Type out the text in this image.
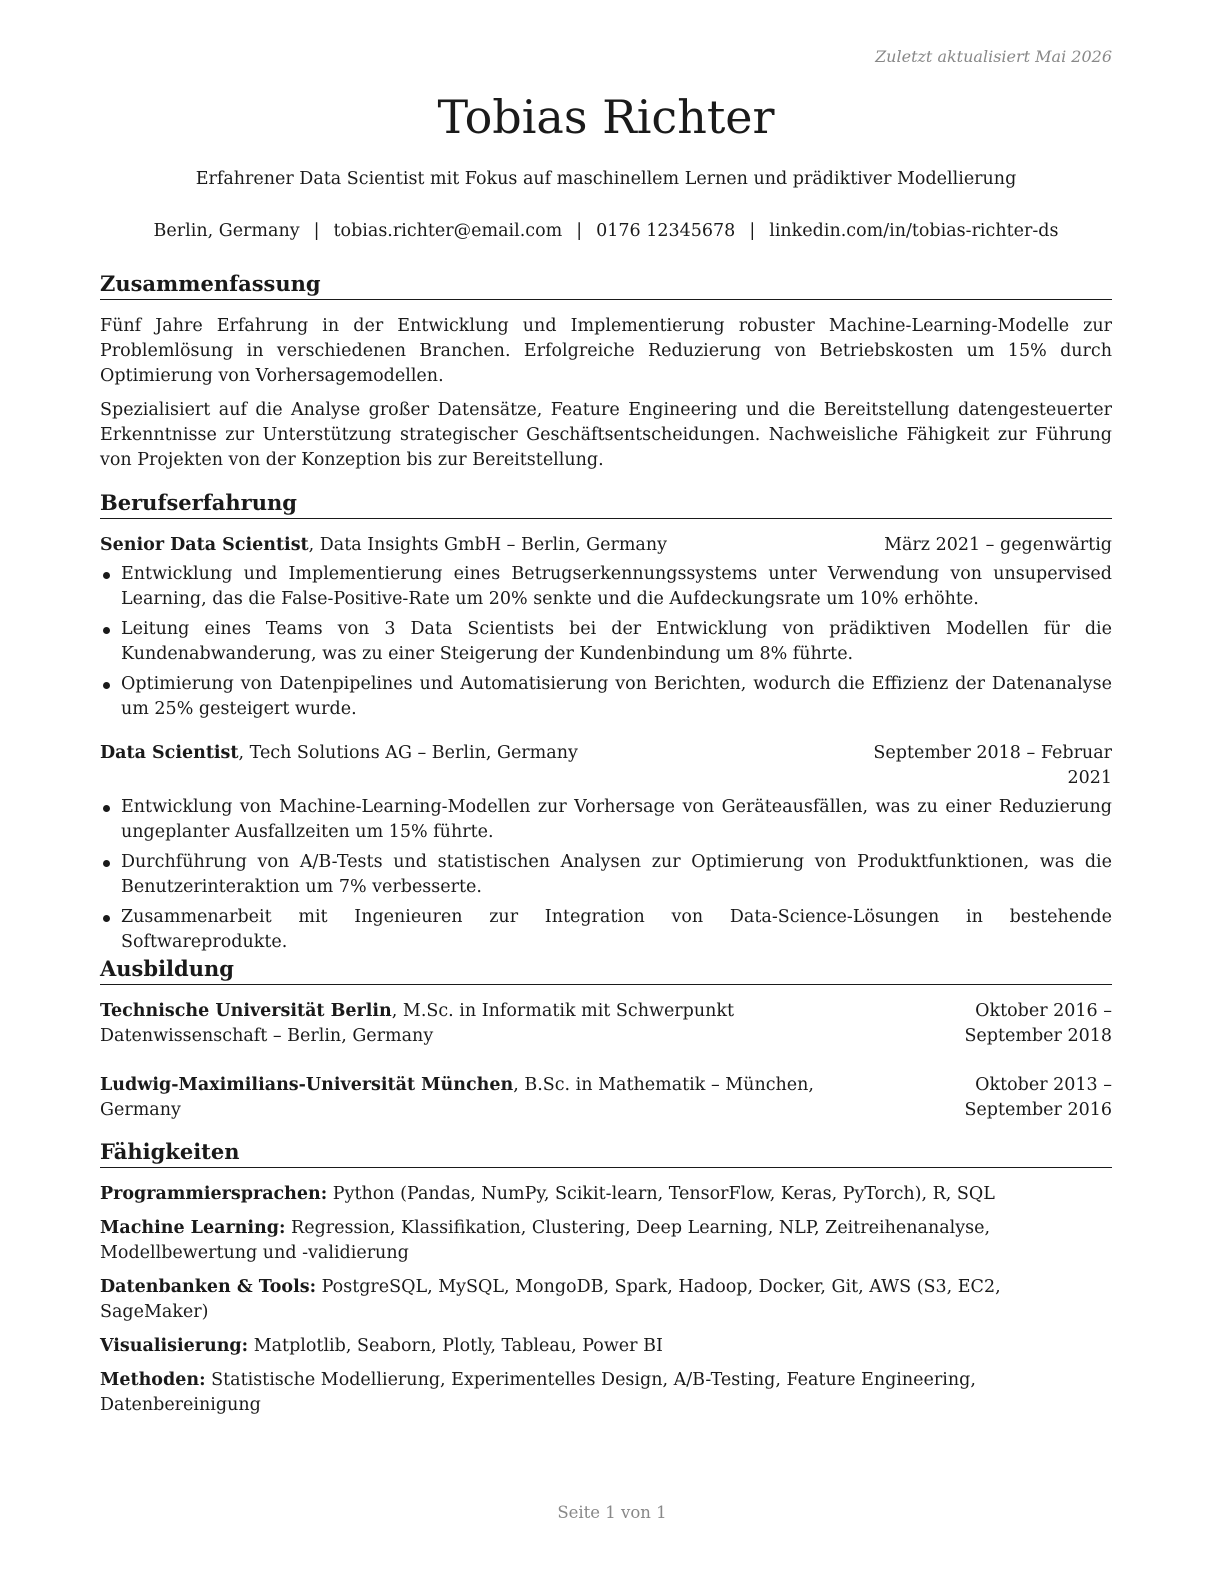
Zuletzt aktualisiert Mai 2026
Tobias Richter
Erfahrener Data Scientist mit Fokus auf maschinellem Lernen und prädiktiver Modellierung
Berlin, Germany | tobias.richter@email.com | 0176 12345678 | linkedin.com/in/tobias-richter-ds
Zusammenfassung

Fünf Jahre Erfahrung in der Entwicklung und Implementierung robuster Machine-Learning-Modelle zur Problemlösung in verschiedenen Branchen. Erfolgreiche Reduzierung von Betriebskosten um 15% durch Optimierung von Vorhersagemodellen.

Spezialisiert auf die Analyse großer Datensätze, Feature Engineering und die Bereitstellung datengesteuerter Erkenntnisse zur Unterstützung strategischer Geschäftsentscheidungen. Nachweisliche Fähigkeit zur Führung von Projekten von der Konzeption bis zur Bereitstellung.

Berufserfahrung
Senior Data Scientist, Data Insights GmbH – Berlin, Germany	März 2021 – gegenwärtig
Entwicklung und Implementierung eines Betrugserkennungssystems unter Verwendung von unsupervised Learning, das die False-Positive-Rate um 20% senkte und die Aufdeckungsrate um 10% erhöhte.
Leitung eines Teams von 3 Data Scientists bei der Entwicklung von prädiktiven Modellen für die Kundenabwanderung, was zu einer Steigerung der Kundenbindung um 8% führte.
Optimierung von Datenpipelines und Automatisierung von Berichten, wodurch die Effizienz der Datenanalyse um 25% gesteigert wurde.
Data Scientist, Tech Solutions AG – Berlin, Germany	September 2018 – Februar 2021
Entwicklung von Machine-Learning-Modellen zur Vorhersage von Geräteausfällen, was zu einer Reduzierung ungeplanter Ausfallzeiten um 15% führte.
Durchführung von A/B-Tests und statistischen Analysen zur Optimierung von Produktfunktionen, was die Benutzerinteraktion um 7% verbesserte.
Zusammenarbeit mit Ingenieuren zur Integration von Data-Science-Lösungen in bestehende Softwareprodukte.
Ausbildung
Technische Universität Berlin, M.Sc. in Informatik mit Schwerpunkt Datenwissenschaft – Berlin, Germany
Oktober 2016 – September 2018
Ludwig-Maximilians-Universität München, B.Sc. in Mathematik – München, Germany
Oktober 2013 – September 2016
Fähigkeiten

Programmiersprachen: Python (Pandas, NumPy, Scikit-learn, TensorFlow, Keras, PyTorch), R, SQL

Machine Learning: Regression, Klassifikation, Clustering, Deep Learning, NLP, Zeitreihenanalyse, Modellbewertung und -validierung

Datenbanken & Tools: PostgreSQL, MySQL, MongoDB, Spark, Hadoop, Docker, Git, AWS (S3, EC2, SageMaker)

Visualisierung: Matplotlib, Seaborn, Plotly, Tableau, Power BI

Methoden: Statistische Modellierung, Experimentelles Design, A/B-Testing, Feature Engineering, Datenbereinigung

Seite 1 von 1
